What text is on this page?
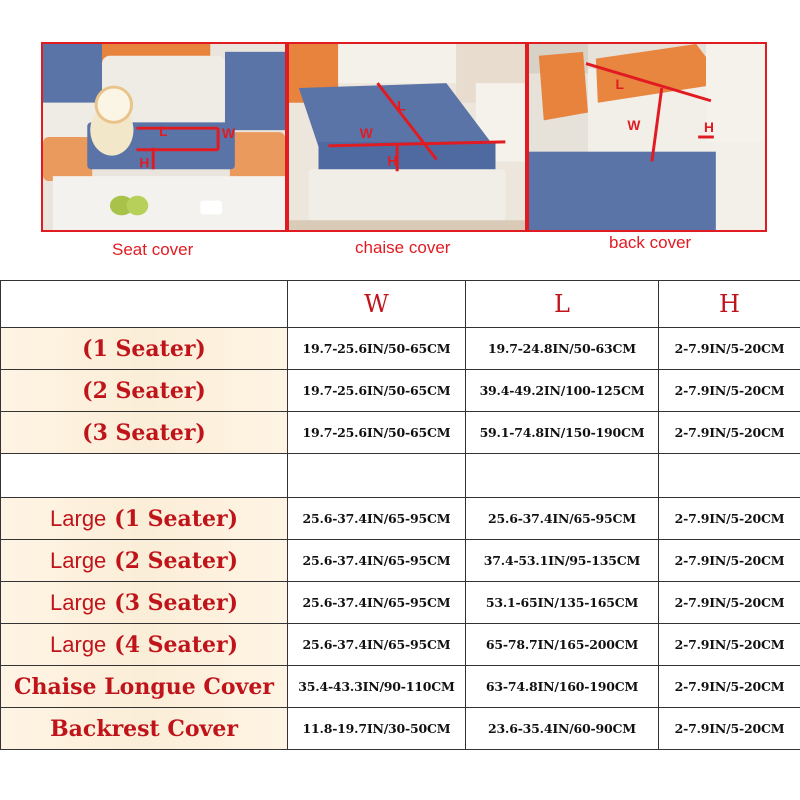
L	W
H
L
W
H
L
W	H
Seat cover	chaise cover	back cover
	W	L	H
(1 Seater)	19.7-25.6IN/50-65CM	19.7-24.8IN/50-63CM	2-7.9IN/5-20CM
(2 Seater)	19.7-25.6IN/50-65CM	39.4-49.2IN/100-125CM	2-7.9IN/5-20CM
(3 Seater)	19.7-25.6IN/50-65CM	59.1-74.8IN/150-190CM	2-7.9IN/5-20CM

Large (1 Seater)	25.6-37.4IN/65-95CM	25.6-37.4IN/65-95CM	2-7.9IN/5-20CM
Large (2 Seater)	25.6-37.4IN/65-95CM	37.4-53.1IN/95-135CM	2-7.9IN/5-20CM
Large (3 Seater)	25.6-37.4IN/65-95CM	53.1-65IN/135-165CM	2-7.9IN/5-20CM
Large (4 Seater)	25.6-37.4IN/65-95CM	65-78.7IN/165-200CM	2-7.9IN/5-20CM
Chaise Longue Cover	35.4-43.3IN/90-110CM	63-74.8IN/160-190CM	2-7.9IN/5-20CM
Backrest Cover	11.8-19.7IN/30-50CM	23.6-35.4IN/60-90CM	2-7.9IN/5-20CM
